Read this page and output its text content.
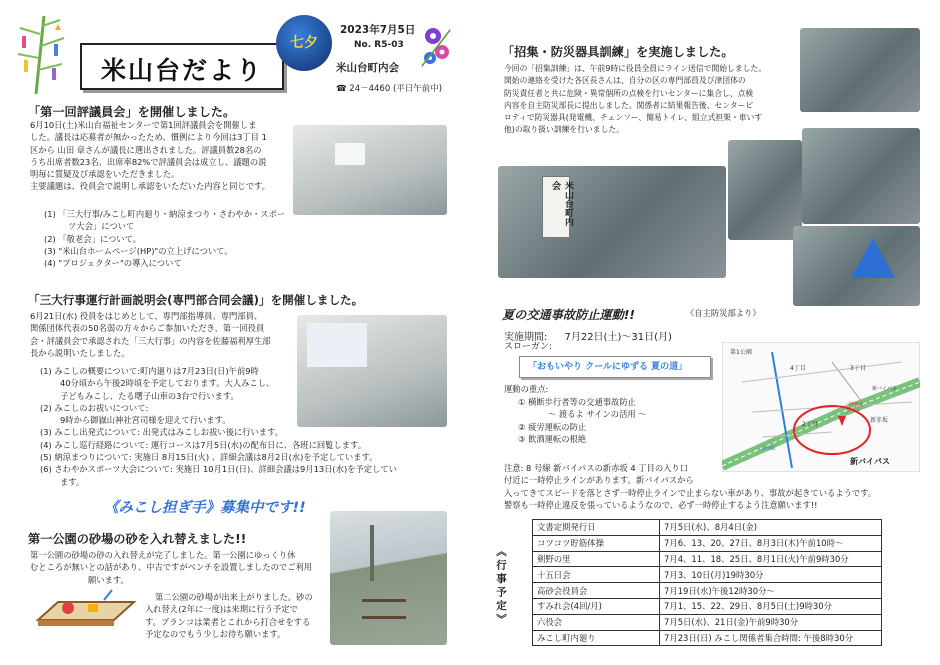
米山台だより
七夕
2023年7月5日
No. R5-03
米山台町内会
☎ 24－4460 (平日午前中)
「第一回評議員会」を開催しました。
6月10日(土)米山台福祉センターで第1回評議員会を開催しま
した。議長は応募者が無かったため、慣例により今回は3丁目 1
区から 山田 章さんが議長に選出されました。評議員数28名の
うち出席者数23名、出席率82%で評議員会は成立し、議題の説
明毎に質疑及び承認をいただきました。
主要議題は、役員会で説明し承認をいただいた内容と同じです。
(1) 「三大行事/みこし町内廻り・納涼まつり・さわやか・スポー
ツ大会」について
(2) 「敬老会」について。
(3) "米山台ホームページ(HP)"の立上げについて。
(4) "プロジェクター"の導入について
「三大行事運行計画説明会(専門部合同会議)」を開催しました。
6月21日(水) 役員をはじめとして、専門部指導員、専門部員、
関係団体代表の50名弱の方々からご参加いただき、第一回役員
会・評議員会で承認された「三大行事」の内容を佐藤福利厚生部
長から説明いたしました。
(1) みこしの概要について:町内廻りは7月23日(日)午前9時
40分頃から午後2時頃を予定しております。大人みこし、
子どもみこし、たる曙子山車の3台で行います。
(2) みこしのお祓いについて:
9時から御嶽山神社宮司様を迎えて行います。
(3) みこし出発式について: 出発式はみこしお祓い後に行います。
(4) みこし巡行経路について: 運行コースは7月5日(水)の配布日に、各班に回覧します。
(5) 納涼まつりについて: 実施日 8月15日(火) 、詳細会議は8月2日(水)を予定しています。
(6) さわやかスポーツ大会について: 実施日 10月1日(日)、詳細会議は9月13日(水)を予定してい
ます。
《みこし担ぎ手》募集中です!!
第一公園の砂場の砂を入れ替えました!!
第一公園の砂場の砂の入れ替えが完了しました。第一公園にゆっくり休
むところが無いとの話があり、中古ですがベンチを設置しましたのでご利用
願います。
第二公園の砂場が出来上がりました。砂の
入れ替え(2年に一度)は来期に行う予定で
す。ブランコは業者とこれから打合せをする
予定なのでもう少しお待ち願います。
「招集・防災器具訓練」を実施しました。
今回の「招集訓練」は、午前9時に役員全員にライン送信で開始しました。
開始の連絡を受けた各区長さんは、自分の区の専門部員及び津団体の
防災責任者と共に危険・異常個所の点検を行いセンターに集合し、点検
内容を自主防災部長に提出しました。関係者に結果報告後、センターピ
ロティで防災器具(発電機、チェンソー、簡易トイレ、組立式担架・車いす
他)の取り扱い訓練を行いました。
米山台町内会
《自主防災部より》
夏の交通事故防止運動!!
実施期間: 7月22日(土)～31日(月)
スローガン:
「おもいやり クールにゆずる 夏の道」
運動の重点:
① 横断歩行者等の交通事故防止
～ 渡るよ サインの活用 ～
② 疲労運転の防止
③ 飲酒運転の根絶
第1公園
4丁目	3丁目
2丁目
新赤坂
一時停止
ライン
新バイパス
新バイパス
8号線
注意: 8 号線 新バイパスの新赤坂 4 丁目の入り口
付近に一時停止ラインがあります。新バイパスから
入ってきてスピードを落とさず一時停止ラインで止まらない車があり、事故が起きているようです。
警察も一時停止違反を張っているようなので、必ず一時停止するよう注意願います!!
《行事予定》
文書定期発行日	7月5日(水)、8月4日(金)
コツコツ貯筋体操	7月6、13、20、27日、8月3日(木)午前10時～
剣野の里	7月4、11、18、25日、8月1日(火)午前9時30分
十五日会	7月3、10日(月)19時30分
高砂会役員会	7月19日(水)午後12時30分～
すみれ会(4回/月)	7月1、15、22、29日、8月5日(土)9時30分
六役会	7月5日(水)、21日(金)午前9時30分
みこし町内廻り	7月23日(日) みこし関係者集合時間: 午後8時30分
